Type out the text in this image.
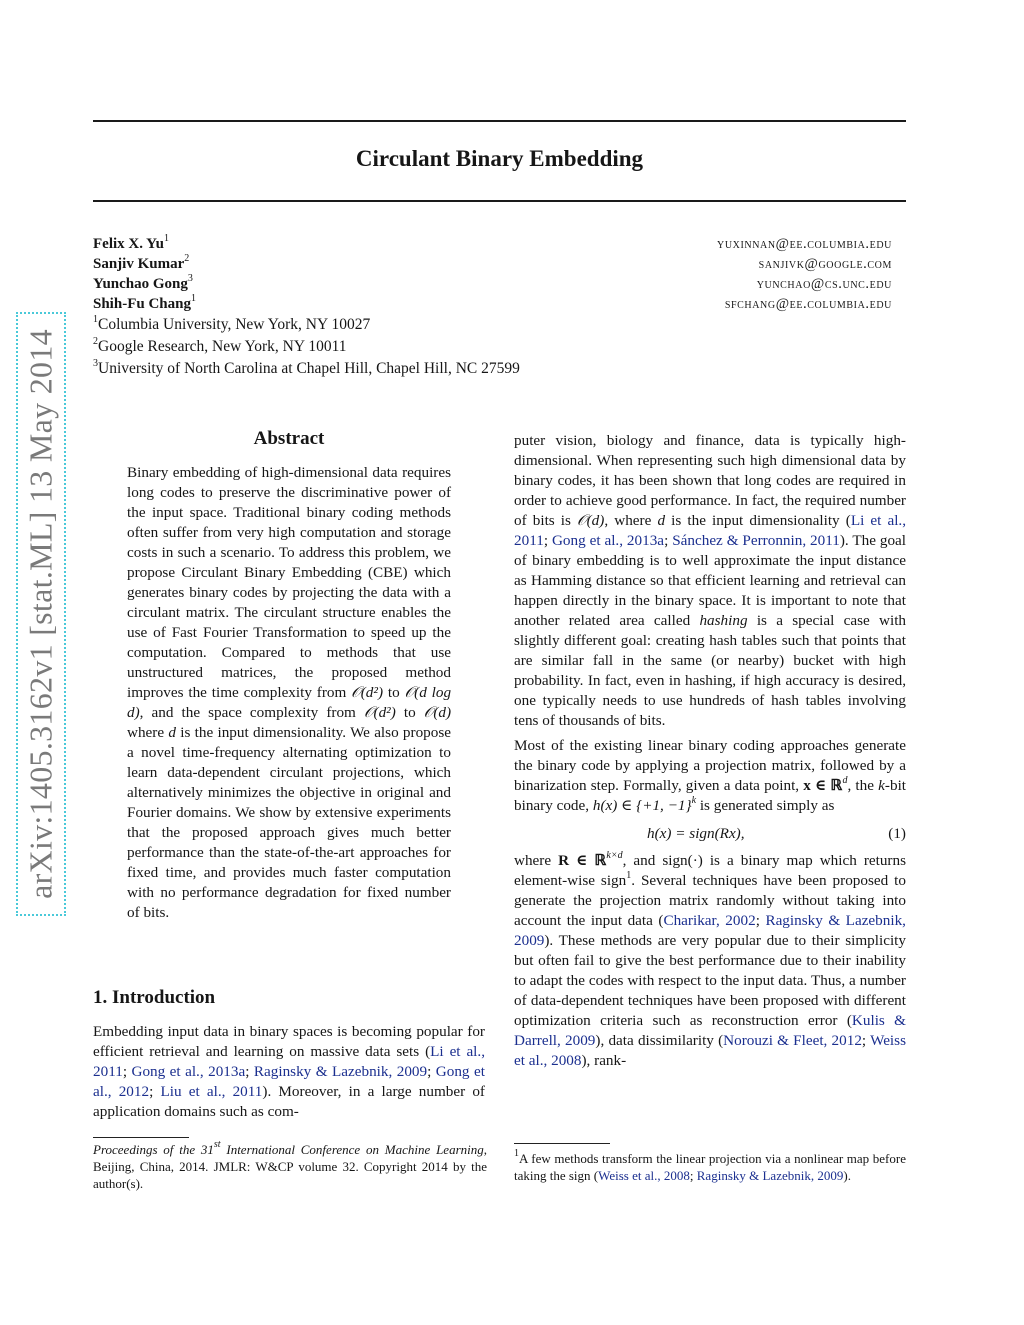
arXiv:1405.3162v1 [stat.ML] 13 May 2014
Circulant Binary Embedding
Felix X. Yu$^1$	yuxinnan@ee.columbia.edu
Sanjiv Kumar$^2$	sanjivk@google.com
Yunchao Gong$^3$	yunchao@cs.unc.edu
Shih-Fu Chang$^1$	sfchang@ee.columbia.edu
$^1$Columbia University, New York, NY 10027
$^2$Google Research, New York, NY 10011
$^3$University of North Carolina at Chapel Hill, Chapel Hill, NC 27599
Abstract
Binary embedding of high-dimensional data requires long codes to preserve the discriminative power of the input space. Traditional binary coding methods often suffer from very high computation and storage costs in such a scenario. To address this problem, we propose Circulant Binary Embedding (CBE) which generates binary codes by projecting the data with a circulant matrix. The circulant structure enables the use of Fast Fourier Transformation to speed up the computation. Compared to methods that use unstructured matrices, the proposed method improves the time complexity from 𝒪(d²) to 𝒪(d log d), and the space complexity from 𝒪(d²) to 𝒪(d) where d is the input dimensionality. We also propose a novel time-frequency alternating optimization to learn data-dependent circulant projections, which alternatively minimizes the objective in original and Fourier domains. We show by extensive experiments that the proposed approach gives much better performance than the state-of-the-art approaches for fixed time, and provides much faster computation with no performance degradation for fixed number of bits.
1. Introduction
Embedding input data in binary spaces is becoming popular for efficient retrieval and learning on massive data sets (Li et al., 2011; Gong et al., 2013a; Raginsky & Lazebnik, 2009; Gong et al., 2012; Liu et al., 2011). Moreover, in a large number of application domains such as com-
Proceedings of the 31st International Conference on Machine Learning, Beijing, China, 2014. JMLR: W&CP volume 32. Copyright 2014 by the author(s).

puter vision, biology and finance, data is typically high-dimensional. When representing such high dimensional data by binary codes, it has been shown that long codes are required in order to achieve good performance. In fact, the required number of bits is 𝒪(d), where d is the input dimensionality (Li et al., 2011; Gong et al., 2013a; Sánchez & Perronnin, 2011). The goal of binary embedding is to well approximate the input distance as Hamming distance so that efficient learning and retrieval can happen directly in the binary space. It is important to note that another related area called hashing is a special case with slightly different goal: creating hash tables such that points that are similar fall in the same (or nearby) bucket with high probability. In fact, even in hashing, if high accuracy is desired, one typically needs to use hundreds of hash tables involving tens of thousands of bits.

Most of the existing linear binary coding approaches generate the binary code by applying a projection matrix, followed by a binarization step. Formally, given a data point, x ∈ ℝ$^d$, the k-bit binary code, h(x) ∈ {+1, −1}$^k$ is generated simply as

h(x) = sign(Rx),	(1)

where R ∈ ℝ$^{k\times d}$, and sign(·) is a binary map which returns element-wise sign$^1$. Several techniques have been proposed to generate the projection matrix randomly without taking into account the input data (Charikar, 2002; Raginsky & Lazebnik, 2009). These methods are very popular due to their simplicity but often fail to give the best performance due to their inability to adapt the codes with respect to the input data. Thus, a number of data-dependent techniques have been proposed with different optimization criteria such as reconstruction error (Kulis & Darrell, 2009), data dissimilarity (Norouzi & Fleet, 2012; Weiss et al., 2008), rank-

$^1$A few methods transform the linear projection via a nonlinear map before taking the sign (Weiss et al., 2008; Raginsky & Lazebnik, 2009).
